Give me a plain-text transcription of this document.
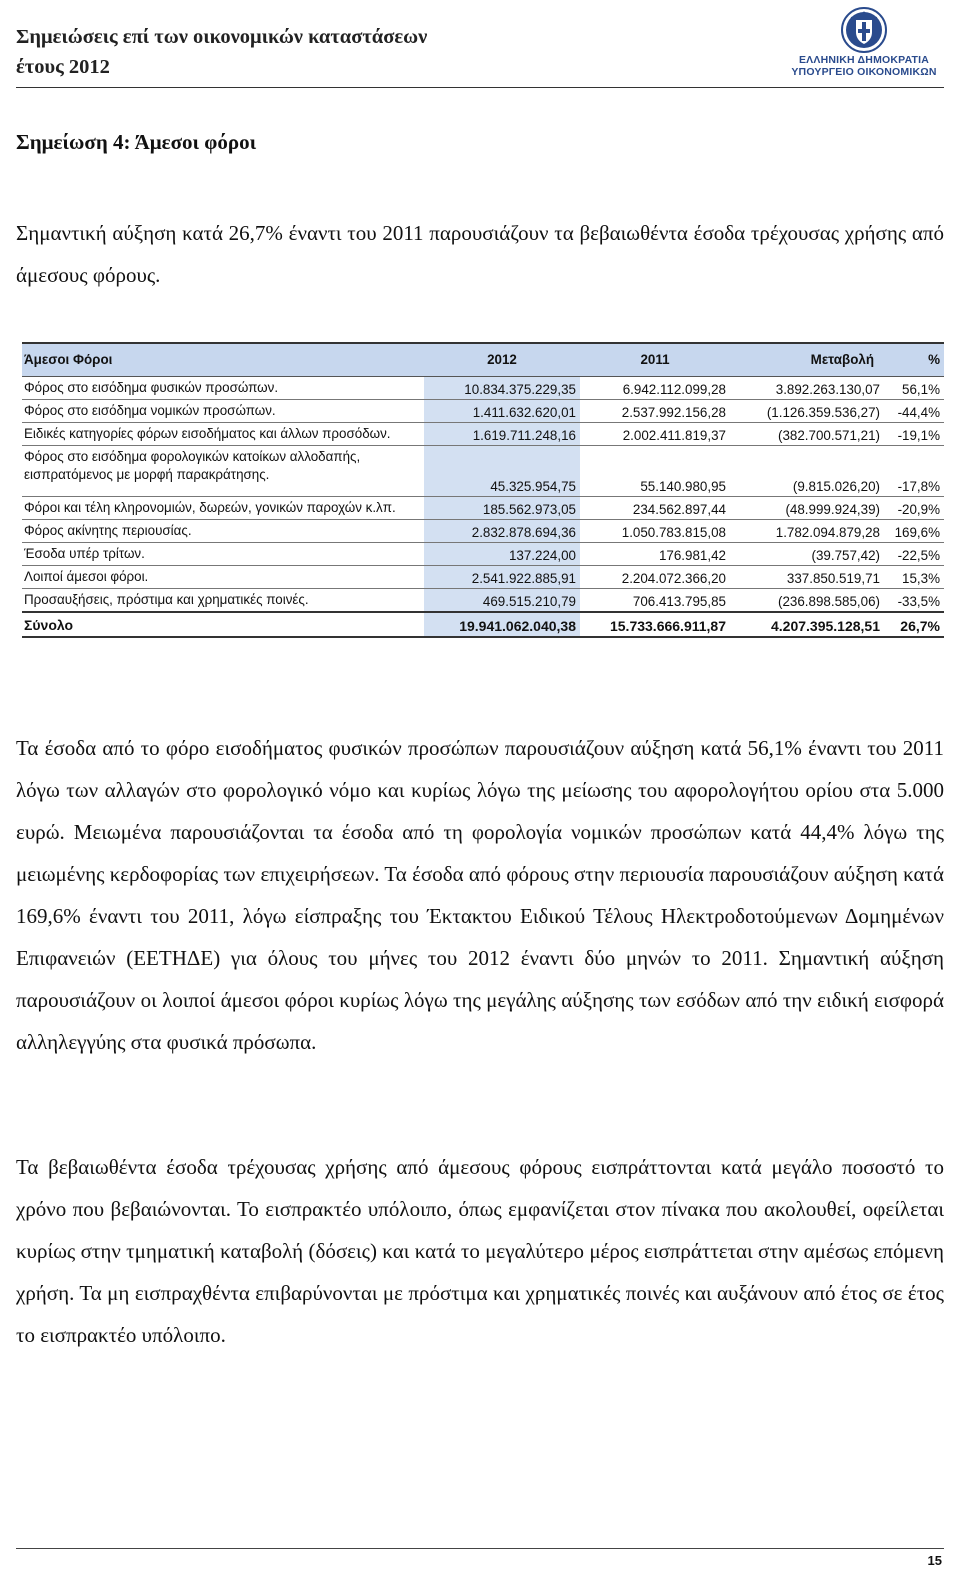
Σημειώσεις επί των οικονομικών καταστάσεων
έτους 2012	ΕΛΛΗΝΙΚΗ ΔΗΜΟΚΡΑΤΙΑ
ΥΠΟΥΡΓΕΙΟ ΟΙΚΟΝΟΜΙΚΩΝ
Σημείωση 4: Άμεσοι φόροι
Σημαντική αύξηση κατά 26,7% έναντι του 2011 παρουσιάζουν τα βεβαιωθέντα έσοδα τρέχουσας χρήσης από άμεσους φόρους.
Άμεσοι Φόροι	2012	2011	Μεταβολή	%
Φόρος στο εισόδημα φυσικών προσώπων.	10.834.375.229,35	6.942.112.099,28	3.892.263.130,07	56,1%
Φόρος στο εισόδημα νομικών προσώπων.	1.411.632.620,01	2.537.992.156,28	(1.126.359.536,27)	-44,4%
Ειδικές κατηγορίες φόρων εισοδήματος και άλλων προσόδων.	1.619.711.248,16	2.002.411.819,37	(382.700.571,21)	-19,1%
Φόρος στο εισόδημα φορολογικών κατοίκων αλλοδαπής, εισπρατόμενος με μορφή παρακράτησης.	45.325.954,75	55.140.980,95	(9.815.026,20)	-17,8%
Φόροι και τέλη κληρονομιών, δωρεών, γονικών παροχών κ.λπ.	185.562.973,05	234.562.897,44	(48.999.924,39)	-20,9%
Φόρος ακίνητης περιουσίας.	2.832.878.694,36	1.050.783.815,08	1.782.094.879,28	169,6%
Έσοδα υπέρ τρίτων.	137.224,00	176.981,42	(39.757,42)	-22,5%
Λοιποί άμεσοι φόροι.	2.541.922.885,91	2.204.072.366,20	337.850.519,71	15,3%
Προσαυξήσεις, πρόστιμα και χρηματικές ποινές.	469.515.210,79	706.413.795,85	(236.898.585,06)	-33,5%
Σύνολο	19.941.062.040,38	15.733.666.911,87	4.207.395.128,51	26,7%
Τα έσοδα από το φόρο εισοδήματος φυσικών προσώπων παρουσιάζουν αύξηση κατά 56,1% έναντι του 2011 λόγω των αλλαγών στο φορολογικό νόμο και κυρίως λόγω της μείωσης του αφορολογήτου ορίου στα 5.000 ευρώ. Μειωμένα παρουσιάζονται τα έσοδα από τη φορολογία νομικών προσώπων κατά 44,4% λόγω της μειωμένης κερδοφορίας των επιχειρήσεων. Τα έσοδα από φόρους στην περιουσία παρουσιάζουν αύξηση κατά 169,6% έναντι του 2011, λόγω είσπραξης του Έκτακτου Ειδικού Τέλους Ηλεκτροδοτούμενων Δομημένων Επιφανειών (ΕΕΤΗΔΕ) για όλους του μήνες του 2012 έναντι δύο μηνών το 2011. Σημαντική αύξηση παρουσιάζουν οι λοιποί άμεσοι φόροι κυρίως λόγω της μεγάλης αύξησης των εσόδων από την ειδική εισφορά αλληλεγγύης στα φυσικά πρόσωπα.
Τα βεβαιωθέντα έσοδα τρέχουσας χρήσης από άμεσους φόρους εισπράττονται κατά μεγάλο ποσοστό το χρόνο που βεβαιώνονται. Το εισπρακτέο υπόλοιπο, όπως εμφανίζεται στον πίνακα που ακολουθεί, οφείλεται κυρίως στην τμηματική καταβολή (δόσεις) και κατά το μεγαλύτερο μέρος εισπράττεται στην αμέσως επόμενη χρήση. Τα μη εισπραχθέντα επιβαρύνονται με πρόστιμα και χρηματικές ποινές και αυξάνουν από έτος σε έτος το εισπρακτέο υπόλοιπο.
15
